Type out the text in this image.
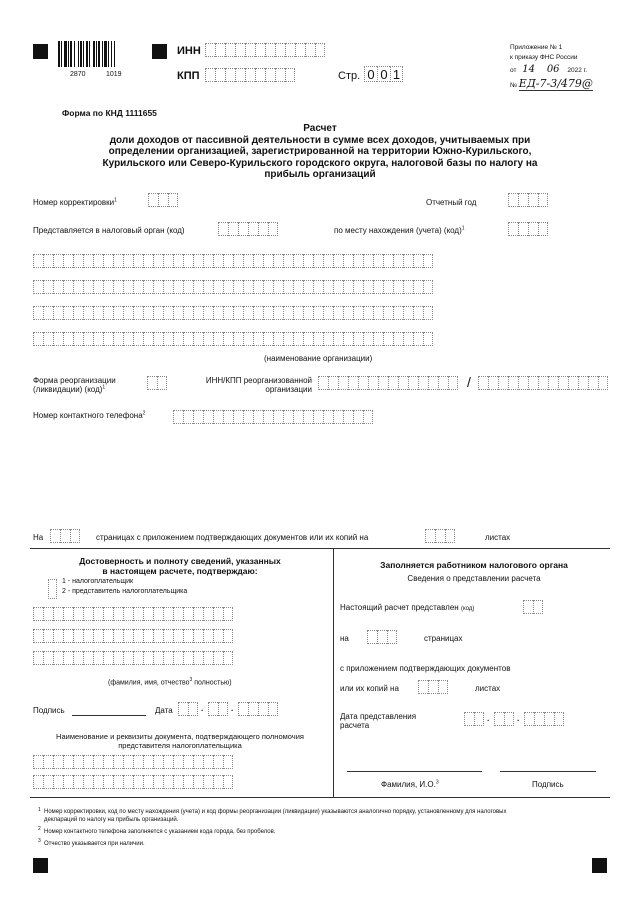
2870	1019
ИНН
КПП	Стр. 0 0 1
Приложение № 1
к приказу ФНС России
от 14 06 2022 г.
№ ЕД-7-3/479@
Форма по КНД 1111655
Расчет
доли доходов от пассивной деятельности в сумме всех доходов, учитываемых при
определении организацией, зарегистрированной на территории Южно-Курильского,
Курильского или Северо-Курильского городского округа, налоговой базы по налогу на
прибыль организаций
Номер корректировки$^1$	Отчетный год
Представляется в налоговый орган (код)	по месту нахождения (учета) (код)$^1$
(наименование организации)
Форма реорганизации
(ликвидации) (код)$^1$
ИНН/КПП реорганизованной
организации	/
Номер контактного телефона$^2$
На	страницах с приложением подтверждающих документов или их копий на	листах
Достоверность и полноту сведений, указанных
в настоящем расчете, подтверждаю:
1 - налогоплательщик
2 - представитель налогоплательщика
(фамилия, имя, отчество$^3$ полностью)
Подпись	Дата	.	.
Наименование и реквизиты документа, подтверждающего полномочия
представителя налогоплательщика
Заполняется работником налогового органа
Сведения о представлении расчета
Настоящий расчет представлен (код)
на	страницах
с приложением подтверждающих документов
или их копий на	листах
Дата представления
расчета
.	.
Фамилия, И.О.$^3$	Подпись
1 Номер корректировки, код по месту нахождения (учета) и код формы реорганизации (ликвидации) указываются аналогично порядку, установленному для налоговых
деклараций по налогу на прибыль организаций.
2 Номер контактного телефона заполняется с указанием кода города, без пробелов.
3 Отчество указывается при наличии.
